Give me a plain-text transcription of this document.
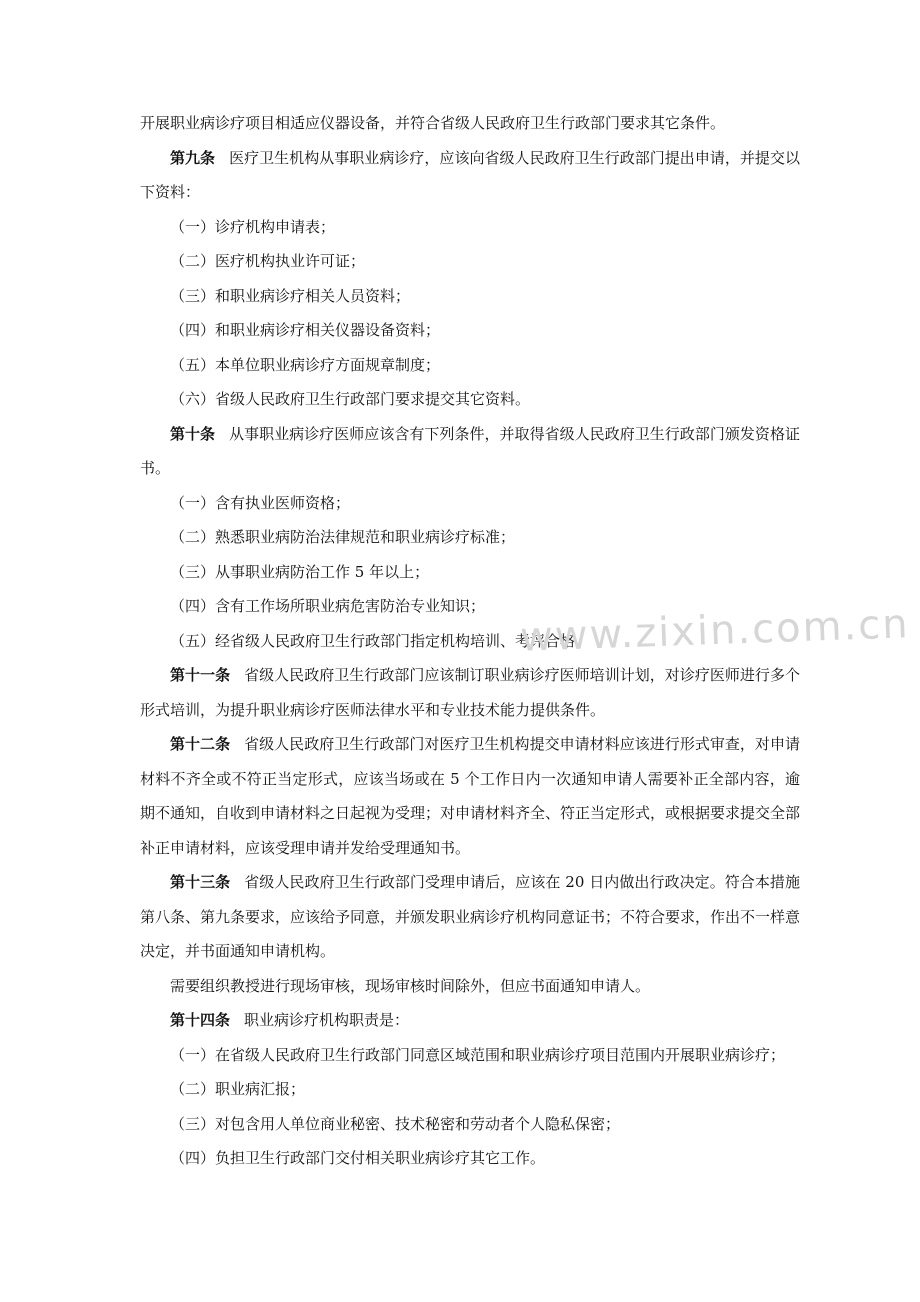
开展职业病诊疗项目相适应仪器设备，并符合省级人民政府卫生行政部门要求其它条件。

第九条 医疗卫生机构从事职业病诊疗，应该向省级人民政府卫生行政部门提出申请，并提交以下资料：

（一）诊疗机构申请表；

（二）医疗机构执业许可证；

（三）和职业病诊疗相关人员资料；

（四）和职业病诊疗相关仪器设备资料；

（五）本单位职业病诊疗方面规章制度；

（六）省级人民政府卫生行政部门要求提交其它资料。

第十条 从事职业病诊疗医师应该含有下列条件，并取得省级人民政府卫生行政部门颁发资格证书。

（一）含有执业医师资格；

（二）熟悉职业病防治法律规范和职业病诊疗标准；

（三）从事职业病防治工作 5 年以上；

（四）含有工作场所职业病危害防治专业知识；

（五）经省级人民政府卫生行政部门指定机构培训、考评合格。

第十一条 省级人民政府卫生行政部门应该制订职业病诊疗医师培训计划，对诊疗医师进行多个形式培训，为提升职业病诊疗医师法律水平和专业技术能力提供条件。

第十二条 省级人民政府卫生行政部门对医疗卫生机构提交申请材料应该进行形式审查，对申请材料不齐全或不符正当定形式，应该当场或在 5 个工作日内一次通知申请人需要补正全部内容，逾期不通知，自收到申请材料之日起视为受理；对申请材料齐全、符正当定形式，或根据要求提交全部补正申请材料，应该受理申请并发给受理通知书。

第十三条 省级人民政府卫生行政部门受理申请后，应该在 20 日内做出行政决定。符合本措施第八条、第九条要求，应该给予同意，并颁发职业病诊疗机构同意证书；不符合要求，作出不一样意决定，并书面通知申请机构。

需要组织教授进行现场审核，现场审核时间除外，但应书面通知申请人。

第十四条 职业病诊疗机构职责是：

（一）在省级人民政府卫生行政部门同意区域范围和职业病诊疗项目范围内开展职业病诊疗；

（二）职业病汇报；

（三）对包含用人单位商业秘密、技术秘密和劳动者个人隐私保密；

（四）负担卫生行政部门交付相关职业病诊疗其它工作。

www.zixin.com.cn
